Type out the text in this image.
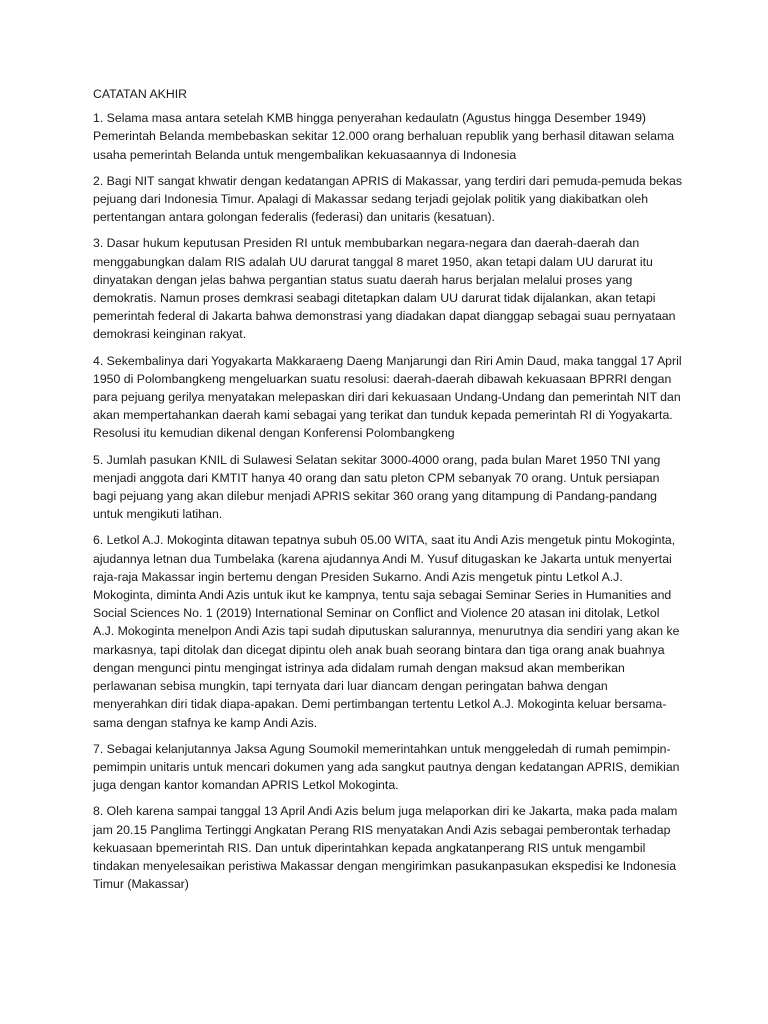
CATATAN AKHIR

1. Selama masa antara setelah KMB hingga penyerahan kedaulatn (Agustus hingga Desember 1949) Pemerintah Belanda membebaskan sekitar 12.000 orang berhaluan republik yang berhasil ditawan selama usaha pemerintah Belanda untuk mengembalikan kekuasaannya di Indonesia

2. Bagi NIT sangat khwatir dengan kedatangan APRIS di Makassar, yang terdiri dari pemuda-pemuda bekas pejuang dari Indonesia Timur. Apalagi di Makassar sedang terjadi gejolak politik yang diakibatkan oleh pertentangan antara golongan federalis (federasi) dan unitaris (kesatuan).

3. Dasar hukum keputusan Presiden RI untuk membubarkan negara-negara dan daerah-daerah dan menggabungkan dalam RIS adalah UU darurat tanggal 8 maret 1950, akan tetapi dalam UU darurat itu dinyatakan dengan jelas bahwa pergantian status suatu daerah harus berjalan melalui proses yang demokratis. Namun proses demkrasi seabagi ditetapkan dalam UU darurat tidak dijalankan, akan tetapi pemerintah federal di Jakarta bahwa demonstrasi yang diadakan dapat dianggap sebagai suau pernyataan demokrasi keinginan rakyat.

4. Sekembalinya dari Yogyakarta Makkaraeng Daeng Manjarungi dan Riri Amin Daud, maka tanggal 17 April 1950 di Polombangkeng mengeluarkan suatu resolusi: daerah-daerah dibawah kekuasaan BPRRI dengan para pejuang gerilya menyatakan melepaskan diri dari kekuasaan Undang-Undang dan pemerintah NIT dan akan mempertahankan daerah kami sebagai yang terikat dan tunduk kepada pemerintah RI di Yogyakarta. Resolusi itu kemudian dikenal dengan Konferensi Polombangkeng

5. Jumlah pasukan KNIL di Sulawesi Selatan sekitar 3000-4000 orang, pada bulan Maret 1950 TNI yang menjadi anggota dari KMTIT hanya 40 orang dan satu pleton CPM sebanyak 70 orang. Untuk persiapan bagi pejuang yang akan dilebur menjadi APRIS sekitar 360 orang yang ditampung di Pandang-pandang untuk mengikuti latihan.

6. Letkol A.J. Mokoginta ditawan tepatnya subuh 05.00 WITA, saat itu Andi Azis mengetuk pintu Mokoginta, ajudannya letnan dua Tumbelaka (karena ajudannya Andi M. Yusuf ditugaskan ke Jakarta untuk menyertai raja-raja Makassar ingin bertemu dengan Presiden Sukarno. Andi Azis mengetuk pintu Letkol A.J. Mokoginta, diminta Andi Azis untuk ikut ke kampnya, tentu saja sebagai Seminar Series in Humanities and Social Sciences No. 1 (2019) International Seminar on Conflict and Violence 20 atasan ini ditolak, Letkol A.J. Mokoginta menelpon Andi Azis tapi sudah diputuskan salurannya, menurutnya dia sendiri yang akan ke markasnya, tapi ditolak dan dicegat dipintu oleh anak buah seorang bintara dan tiga orang anak buahnya dengan mengunci pintu mengingat istrinya ada didalam rumah dengan maksud akan memberikan perlawanan sebisa mungkin, tapi ternyata dari luar diancam dengan peringatan bahwa dengan menyerahkan diri tidak diapa-apakan. Demi pertimbangan tertentu Letkol A.J. Mokoginta keluar bersama-sama dengan stafnya ke kamp Andi Azis.

7. Sebagai kelanjutannya Jaksa Agung Soumokil memerintahkan untuk menggeledah di rumah pemimpin-pemimpin unitaris untuk mencari dokumen yang ada sangkut pautnya dengan kedatangan APRIS, demikian juga dengan kantor komandan APRIS Letkol Mokoginta.

8. Oleh karena sampai tanggal 13 April Andi Azis belum juga melaporkan diri ke Jakarta, maka pada malam jam 20.15 Panglima Tertinggi Angkatan Perang RIS menyatakan Andi Azis sebagai pemberontak terhadap kekuasaan bpemerintah RIS. Dan untuk diperintahkan kepada angkatanperang RIS untuk mengambil tindakan menyelesaikan peristiwa Makassar dengan mengirimkan pasukanpasukan ekspedisi ke Indonesia Timur (Makassar)
